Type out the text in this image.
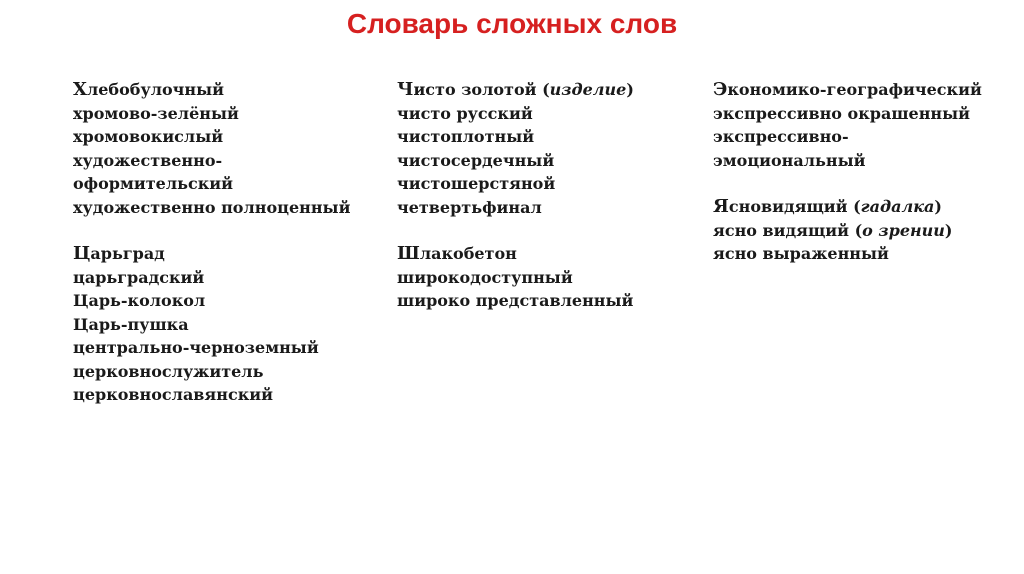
Словарь сложных слов
Хлебобулочный
хромово-зелёный
хромовокислый
художественно-
оформительский
художественно полноценный
Царьград
царьградский
Царь-колокол
Царь-пушка
центрально-черноземный
церковнослужитель
церковнославянский
Чисто золотой (изделие)
чисто русский
чистоплотный
чистосердечный
чистошерстяной
четвертьфинал
Шлакобетон
широкодоступный
широко представленный
Экономико-географический
экспрессивно окрашенный
экспрессивно-
эмоциональный
Ясновидящий (гадалка)
ясно видящий (о зрении)
ясно выраженный
